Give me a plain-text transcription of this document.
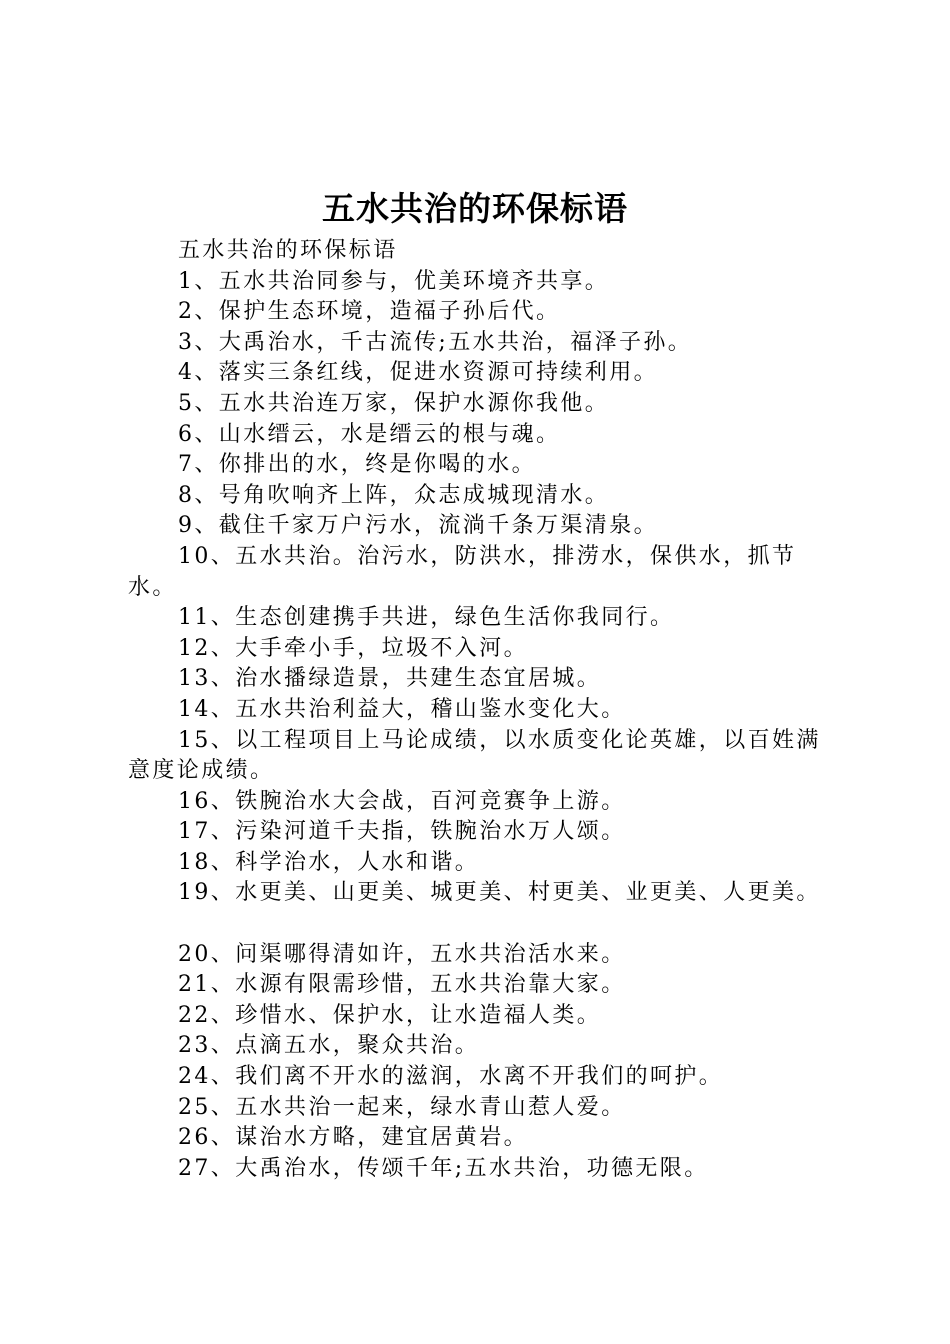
五水共治的环保标语

五水共治的环保标语

1、五水共治同参与，优美环境齐共享。

2、保护生态环境，造福子孙后代。

3、大禹治水，千古流传;五水共治，福泽子孙。

4、落实三条红线，促进水资源可持续利用。

5、五水共治连万家，保护水源你我他。

6、山水缙云，水是缙云的根与魂。

7、你排出的水，终是你喝的水。

8、号角吹响齐上阵，众志成城现清水。

9、截住千家万户污水，流淌千条万渠清泉。

10、五水共治。治污水，防洪水，排涝水，保供水，抓节水。

11、生态创建携手共进，绿色生活你我同行。

12、大手牵小手，垃圾不入河。

13、治水播绿造景，共建生态宜居城。

14、五水共治利益大，稽山鉴水变化大。

15、以工程项目上马论成绩，以水质变化论英雄，以百姓满意度论成绩。

16、铁腕治水大会战，百河竞赛争上游。

17、污染河道千夫指，铁腕治水万人颂。

18、科学治水，人水和谐。

19、水更美、山更美、城更美、村更美、业更美、人更美。

20、问渠哪得清如许，五水共治活水来。

21、水源有限需珍惜，五水共治靠大家。

22、珍惜水、保护水，让水造福人类。

23、点滴五水，聚众共治。

24、我们离不开水的滋润，水离不开我们的呵护。

25、五水共治一起来，绿水青山惹人爱。

26、谋治水方略，建宜居黄岩。

27、大禹治水，传颂千年;五水共治，功德无限。
